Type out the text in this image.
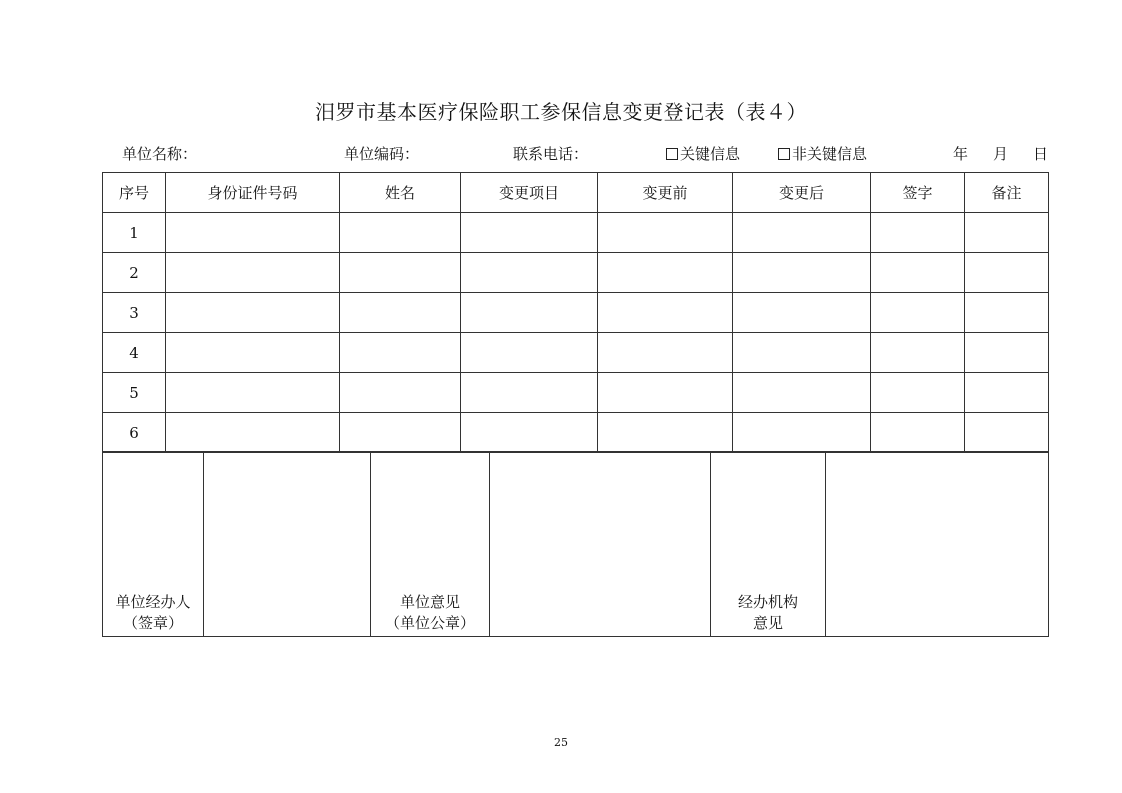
汨罗市基本医疗保险职工参保信息变更登记表（表４）
单位名称：	单位编码：	联系电话：	关键信息	非关键信息	年 月 日
序号	身份证件号码	姓名	变更项目	变更前	变更后	签字	备注
1							
2							
3							
4							
5							
6							
单位经办人
（签章）

单位意见
（单位公章）

经办机构
意见

25
